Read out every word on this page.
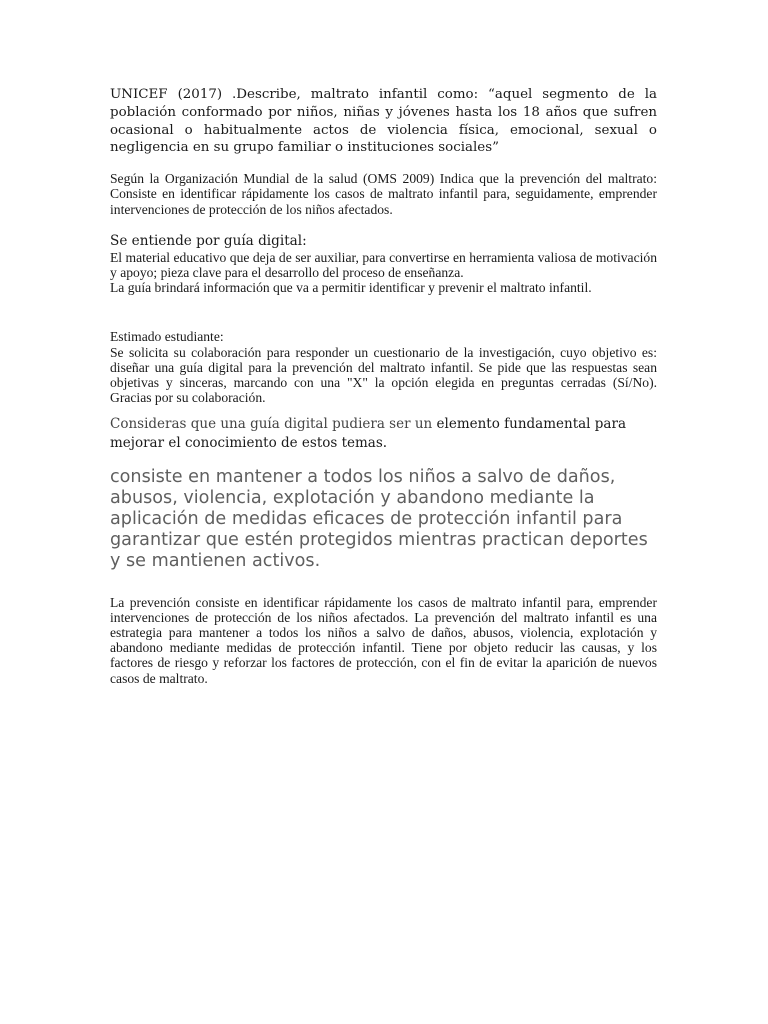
UNICEF (2017) .Describe, maltrato infantil como: “aquel segmento de la población conformado por niños, niñas y jóvenes hasta los 18 años que sufren ocasional o habitualmente actos de violencia física, emocional, sexual o negligencia en su grupo familiar o instituciones sociales”

Según la Organización Mundial de la salud (OMS 2009) Indica que la prevención del maltrato: Consiste en identificar rápidamente los casos de maltrato infantil para, seguidamente, emprender intervenciones de protección de los niños afectados.

Se entiende por guía digital:

El material educativo que deja de ser auxiliar, para convertirse en herramienta valiosa de motivación y apoyo; pieza clave para el desarrollo del proceso de enseñanza.

La guía brindará información que va a permitir identificar y prevenir el maltrato infantil.

Estimado estudiante:

Se solicita su colaboración para responder un cuestionario de la investigación, cuyo objetivo es: diseñar una guía digital para la prevención del maltrato infantil. Se pide que las respuestas sean objetivas y sinceras, marcando con una "X" la opción elegida en preguntas cerradas (Sí/No). Gracias por su colaboración.

Consideras que una guía digital pudiera ser un elemento fundamental para mejorar el conocimiento de estos temas.

consiste en mantener a todos los niños a salvo de daños, abusos, violencia, explotación y abandono mediante la aplicación de medidas eficaces de protección infantil para garantizar que estén protegidos mientras practican deportes y se mantienen activos.

La prevención consiste en identificar rápidamente los casos de maltrato infantil para, emprender intervenciones de protección de los niños afectados. La prevención del maltrato infantil es una estrategia para mantener a todos los niños a salvo de daños, abusos, violencia, explotación y abandono mediante medidas de protección infantil. Tiene por objeto reducir las causas, y los factores de riesgo y reforzar los factores de protección, con el fin de evitar la aparición de nuevos casos de maltrato.
